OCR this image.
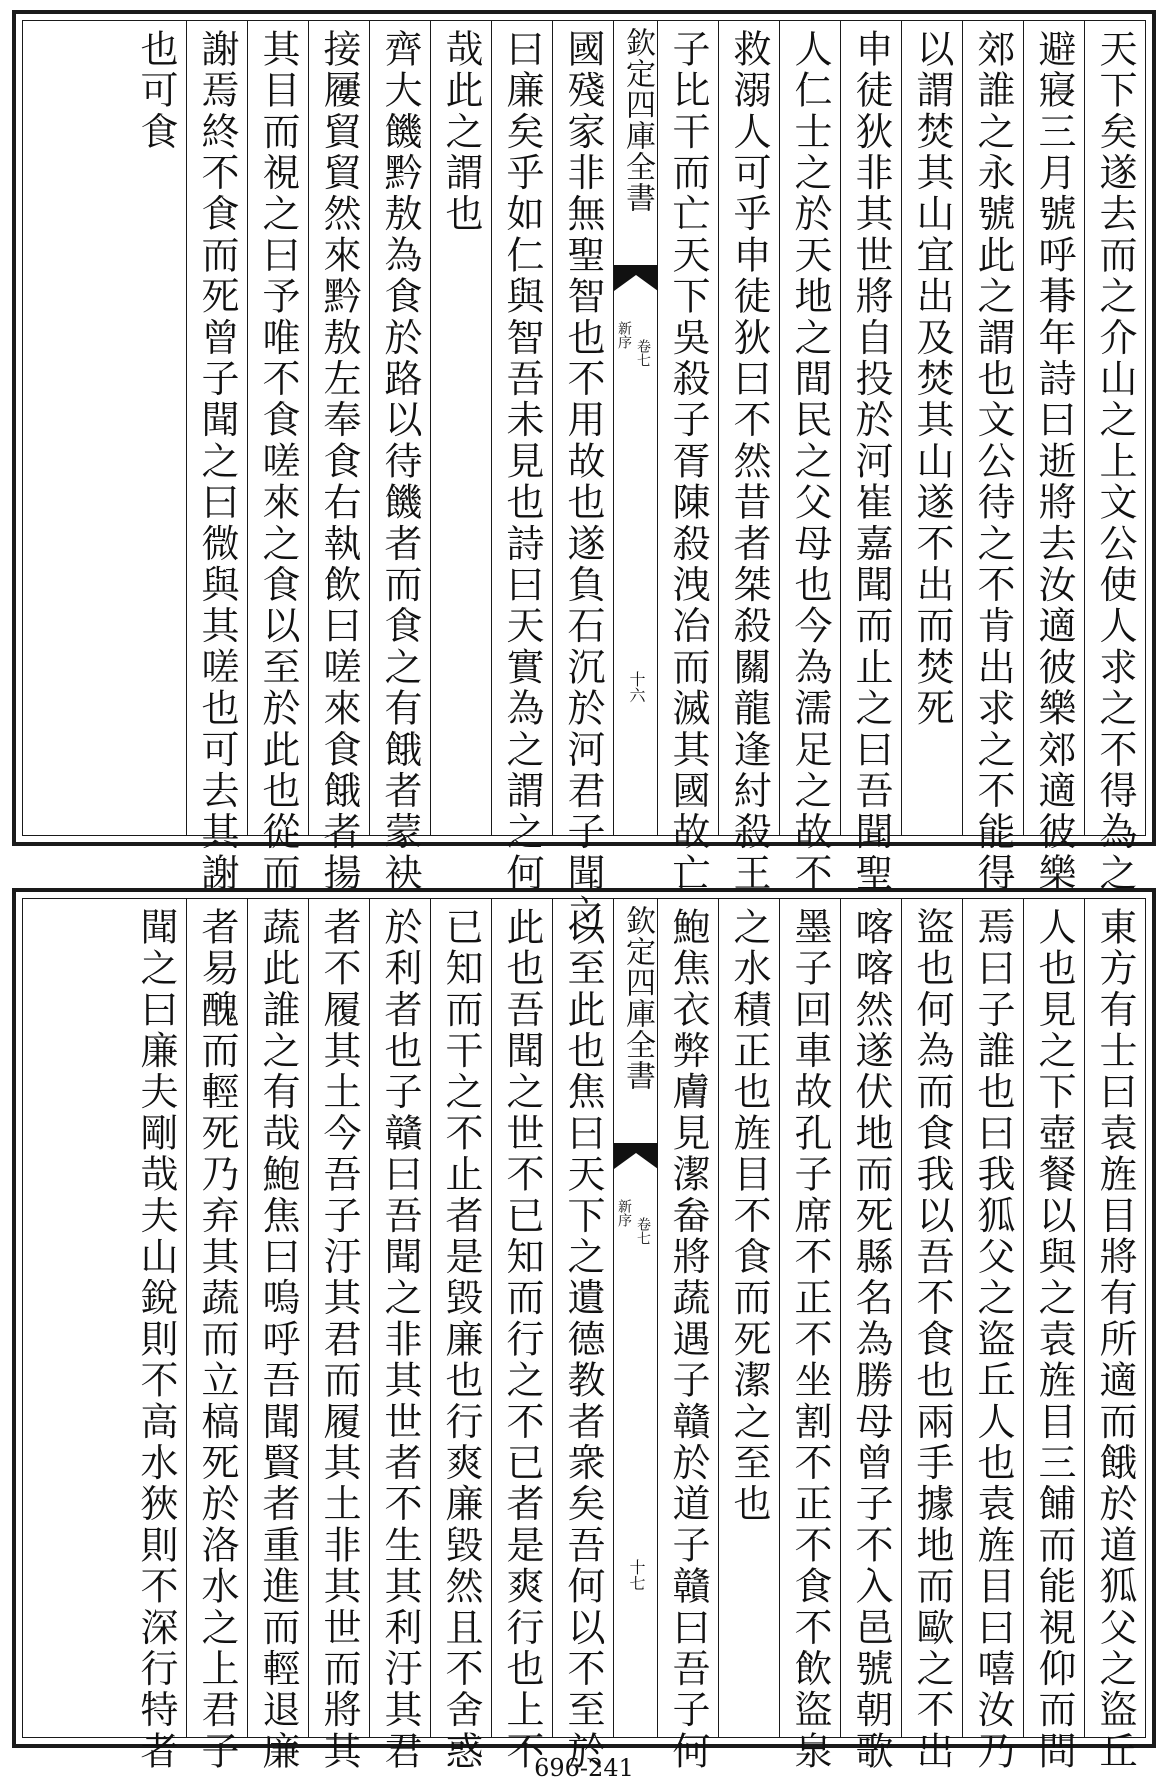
天下矣遂去而之介山之上文公使人求之不得為之
避寢三月號呼朞年詩曰逝將去汝適彼樂郊適彼樂
郊誰之永號此之謂也文公待之不肯出求之不能得
以謂焚其山宜出及焚其山遂不出而焚死
申徒狄非其世將自投於河崔嘉聞而止之曰吾聞聖
人仁士之於天地之間民之父母也今為濡足之故不
救溺人可乎申徒狄曰不然昔者桀殺關龍逢紂殺王
子比干而亡天下吳殺子胥陳殺洩冶而滅其國故亡
欽定四庫全書
新序
卷七
十六
國殘家非無聖智也不用故也遂負石沉於河君子聞之
曰廉矣乎如仁與智吾未見也詩曰天實為之謂之何
哉此之謂也
齊大饑黔敖為食於路以待饑者而食之有餓者蒙袂
接屨貿貿然來黔敖左奉食右執飲曰嗟來食餓者揚
其目而視之曰予唯不食嗟來之食以至於此也從而
謝焉終不食而死曾子聞之曰微與其嗟也可去其謝
也可食
東方有士曰袁旌目將有所適而餓於道狐父之盜丘
人也見之下壺餐以與之袁旌目三餔而能視仰而問
焉曰子誰也曰我狐父之盜丘人也袁旌目曰嘻汝乃
盜也何為而食我以吾不食也兩手據地而歐之不出
喀喀然遂伏地而死縣名為勝母曾子不入邑號朝歌
墨子回車故孔子席不正不坐割不正不食不飲盜泉
之水積正也旌目不食而死潔之至也
鮑焦衣弊膚見潔畚將蔬遇子贛於道子贛曰吾子何
欽定四庫全書
新序
卷七
十七
以至此也焦曰天下之遺德教者衆矣吾何以不至於
此也吾聞之世不已知而行之不已者是爽行也上不
已知而干之不止者是毀廉也行爽廉毀然且不舍惑
於利者也子贛曰吾聞之非其世者不生其利汙其君
者不履其土今吾子汙其君而履其土非其世而將其
蔬此誰之有哉鮑焦曰嗚呼吾聞賢者重進而輕退廉
者易醜而輕死乃弃其蔬而立槁死於洛水之上君子
聞之曰廉夫剛哉夫山銳則不高水狹則不深行特者	696-241
